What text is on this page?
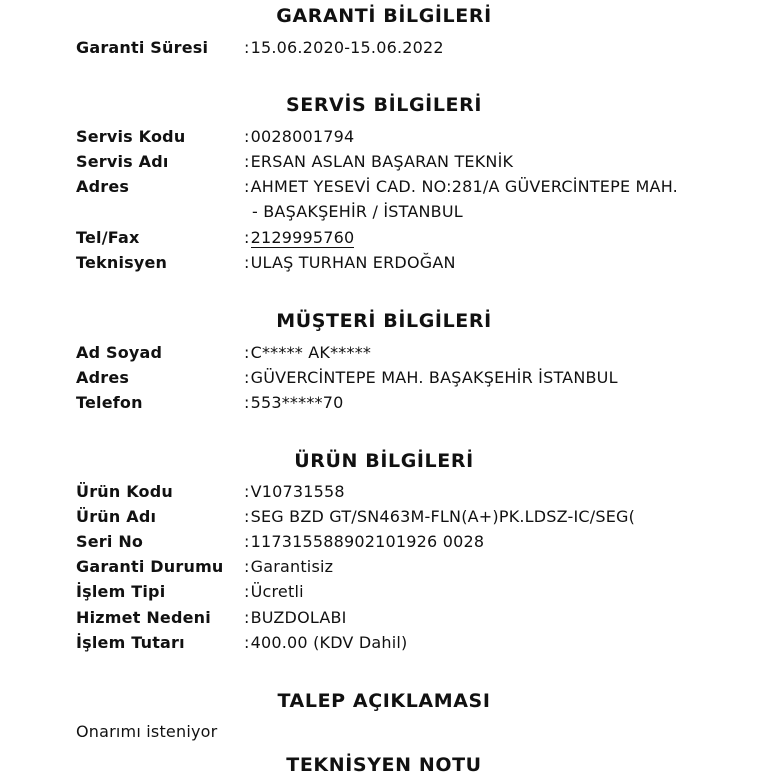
GARANTİ BİLGİLERİ
Garanti Süresi :15.06.2020-15.06.2022
SERVİS BİLGİLERİ
Servis Kodu	:0028001794
Servis Adı	:ERSAN ASLAN BAŞARAN TEKNİK
Adres	:AHMET YESEVİ CAD. NO:281/A GÜVERCİNTEPE MAH.
- BAŞAKŞEHİR / İSTANBUL
Tel/Fax	:2129995760
Teknisyen	:ULAŞ TURHAN ERDOĞAN
MÜŞTERİ BİLGİLERİ
Ad Soyad	:C***** AK*****
Adres	:GÜVERCİNTEPE MAH. BAŞAKŞEHİR İSTANBUL
Telefon	:553*****70
ÜRÜN BİLGİLERİ
Ürün Kodu	:V10731558
Ürün Adı	:SEG BZD GT/SN463M-FLN(A+)PK.LDSZ-IC/SEG(
Seri No	:117315588902101926 0028
Garanti Durumu :Garantisiz
İşlem Tipi	:Ücretli
Hizmet Nedeni :BUZDOLABI
İşlem Tutarı	:400.00 (KDV Dahil)
TALEP AÇIKLAMASI
Onarımı isteniyor
TEKNİSYEN NOTU
